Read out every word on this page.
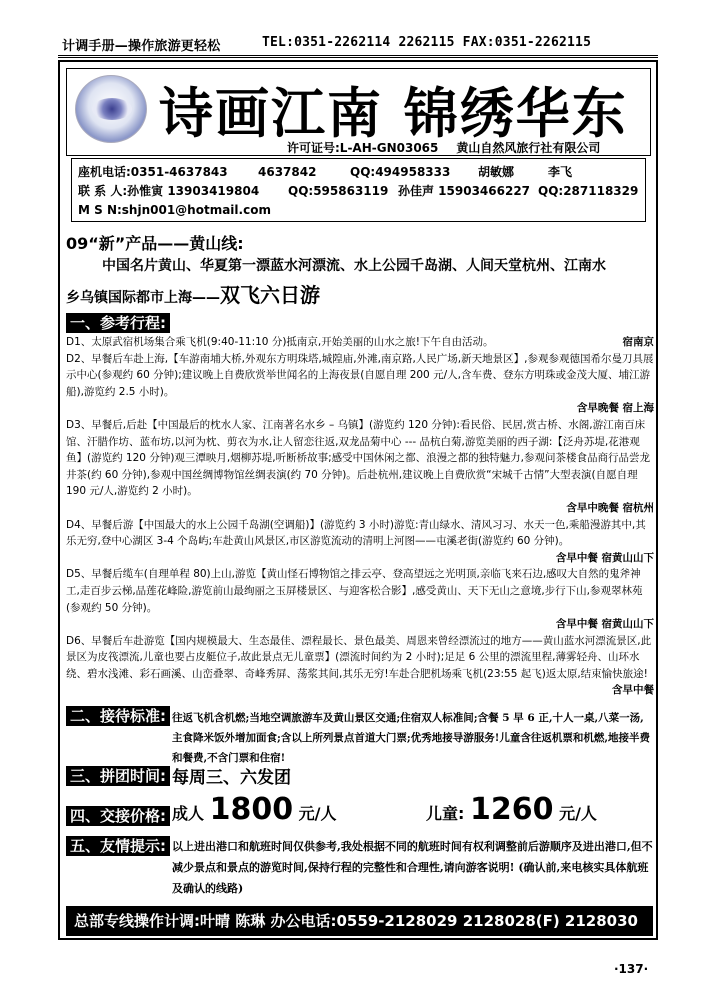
计调手册—操作旅游更轻松	TEL:0351-2262114 2262115 FAX:0351-2262115
诗画江南 锦绣华东
许可证号:L-AH-GN03065 黄山自然风旅行社有限公司
座机电话:0351-4637843	4637842	QQ:494958333 胡敏娜	李飞
联 系 人:孙惟寅 13903419804 QQ:595863119 孙佳声 15903466227 QQ:287118329
M S N:shjn001@hotmail.com
09“新”产品——黄山线:
中国名片黄山、华夏第一漂蓝水河漂流、水上公园千岛湖、人间天堂杭州、江南水
乡乌镇国际都市上海——双飞六日游
一、参考行程:
D1、太原武宿机场集合乘飞机(9:40-11:10 分)抵南京,开始美丽的山水之旅!下午自由活动。	宿南京
D2、早餐后车赴上海,【车游南埔大桥,外观东方明珠塔,城隍庙,外滩,南京路,人民广场,新天地景区】,参观参观德国希尔曼刀具展示中心(参观约 60 分钟);建议晚上自费欣赏举世闻名的上海夜景(自愿自理 200 元/人,含车费、登东方明珠或金茂大厦、埔江游船),游览约 2.5 小时)。
含早晚餐 宿上海
D3、早餐后,后赴【中国最后的枕水人家、江南著名水乡 – 乌镇】(游览约 120 分钟):看民俗、民居,赏古桥、水阁,游江南百床馆、汗腊作坊、蓝布坊,以河为枕、剪衣为水,让人留恋往返,双龙品菊中心 --- 品杭白菊,游览美丽的西子湖:【泛舟苏堤,花港观鱼】(游览约 120 分钟)观三潭映月,烟柳苏堤,听断桥故事;感受中国休闲之都、浪漫之都的独特魅力,参观问茶楼食品商行品尝龙井茶(约 60 分钟),参观中国丝绸博物馆丝绸表演(约 70 分钟)。后赴杭州,建议晚上自费欣赏“宋城千古情”大型表演(自愿自理 190 元/人,游览约 2 小时)。
含早中晚餐 宿杭州
D4、早餐后游【中国最大的水上公园千岛湖(空调船)】(游览约 3 小时)游览:青山绿水、清风习习、水天一色,乘船漫游其中,其乐无穷,登中心湖区 3-4 个岛屿;车赴黄山风景区,市区游览流动的清明上河图——屯溪老街(游览约 60 分钟)。
含早中餐 宿黄山山下
D5、早餐后缆车(自理单程 80)上山,游览【黄山怪石博物馆之排云亭、登高望远之光明顶,亲临飞来石边,感叹大自然的鬼斧神工,走百步云梯,品莲花峰险,游览前山最绚丽之玉屏楼景区、与迎客松合影】,感受黄山、天下无山之意境,步行下山,参观翠林苑(参观约 50 分钟)。
含早中餐 宿黄山山下
D6、早餐后车赴游览【国内规模最大、生态最佳、漂程最长、景色最美、周恩来曾经漂流过的地方——黄山蓝水河漂流景区,此景区为皮筏漂流,儿童也要占皮艇位子,故此景点无儿童票】(漂流时间约为 2 小时);足足 6 公里的漂流里程,薄雾轻舟、山环水绕、碧水浅滩、彩石画溪、山峦叠翠、奇峰秀屏、荡浆其间,其乐无穷!车赴合肥机场乘飞机(23:55 起飞)返太原,结束愉快旅途!
含早中餐
二、接待标准: 往返飞机含机燃;当地空调旅游车及黄山景区交通;住宿双人标准间;含餐 5 早 6 正,十人一桌,八菜一汤,主食降米饭外增加面食;含以上所列景点首道大门票;优秀地接导游服务!儿童含往返机票和机燃,地接半费和餐费,不含门票和住宿!
三、拼团时间: 每周三、六发团
四、交接价格: 成人 1800 元/人	儿童: 1260 元/人
五、友情提示: 以上进出港口和航班时间仅供参考,我处根据不同的航班时间有权利调整前后游顺序及进出港口,但不减少景点和景点的游览时间,保持行程的完整性和合理性,请向游客说明! (确认前,来电核实具体航班及确认的线路)
总部专线操作计调:叶晴 陈琳 办公电话:0559-2128029 2128028(F) 2128030
·137·
